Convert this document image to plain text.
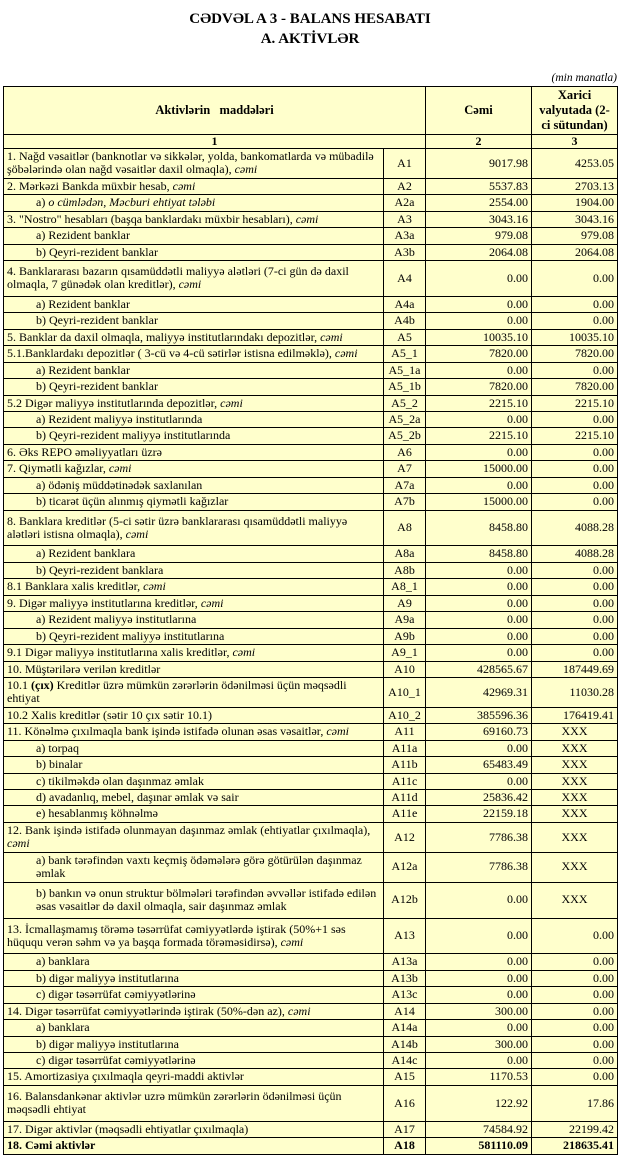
CƏDVƏL A 3 - BALANS HESABATI
A. AKTİVLƏR
(min manatla)
Aktivlərin   maddələri		Cəmi	Xarici valyutada (2-ci sütundan)
1		2	3
1. Nağd vəsaitlər (banknotlar və sikkələr, yolda, bankomatlarda və mübadilə şöbələrində olan nağd vəsaitlər daxil olmaqla), cəmi	A1	9017.98	4253.05
2. Mərkəzi Bankda müxbir hesab, cəmi	A2	5537.83	2703.13
a) o cümlədən, Məcburi ehtiyat tələbi	A2a	2554.00	1904.00
3. "Nostro" hesabları (başqa banklardakı müxbir hesabları), cəmi	A3	3043.16	3043.16
a) Rezident banklar	A3a	979.08	979.08
b) Qeyri-rezident banklar	A3b	2064.08	2064.08
4. Banklararası bazarın qısamüddətli maliyyə alətləri (7-ci gün də daxil olmaqla, 7 günədək olan kreditlər), cəmi	A4	0.00	0.00
a) Rezident banklar	A4a	0.00	0.00
b) Qeyri-rezident banklar	A4b	0.00	0.00
5. Banklar da daxil olmaqla, maliyyə institutlarındakı depozitlər, cəmi	A5	10035.10	10035.10
5.1.Banklardakı depozitlər ( 3-cü və 4-cü sətirlər istisna edilməklə), cəmi	A5_1	7820.00	7820.00
a) Rezident banklar	A5_1a	0.00	0.00
b) Qeyri-rezident banklar	A5_1b	7820.00	7820.00
5.2 Digər maliyyə institutlarında depozitlər, cəmi	A5_2	2215.10	2215.10
a) Rezident maliyyə institutlarında	A5_2a	0.00	0.00
b) Qeyri-rezident maliyyə institutlarında	A5_2b	2215.10	2215.10
6. Əks REPO əməliyyatları üzrə	A6	0.00	0.00
7. Qiymətli kağızlar, cəmi	A7	15000.00	0.00
a) ödəniş müddətinədək saxlanılan	A7a	0.00	0.00
b) ticarət üçün alınmış qiymətli kağızlar	A7b	15000.00	0.00
8. Banklara kreditlər (5-ci sətir üzrə banklararası qısamüddətli maliyyə alətləri istisna olmaqla), cəmi	A8	8458.80	4088.28
a) Rezident banklara	A8a	8458.80	4088.28
b) Qeyri-rezident banklara	A8b	0.00	0.00
8.1 Banklara xalis kreditlər, cəmi	A8_1	0.00	0.00
9. Digər maliyyə institutlarına kreditlər, cəmi	A9	0.00	0.00
a) Rezident maliyyə institutlarına	A9a	0.00	0.00
b) Qeyri-rezident maliyyə institutlarına	A9b	0.00	0.00
9.1 Digər maliyyə institutlarına xalis kreditlər, cəmi	A9_1	0.00	0.00
10. Müştərilərə verilən kreditlər	A10	428565.67	187449.69
10.1 (çıx) Kreditlər üzrə mümkün zərərlərin ödənilməsi üçün məqsədli ehtiyat	A10_1	42969.31	11030.28
10.2 Xalis kreditlər (sətir 10 çıx sətir 10.1)	A10_2	385596.36	176419.41
11. Könəlmə çıxılmaqla bank işində istifadə olunan əsas vəsaitlər, cəmi	A11	69160.73	XXX
a) torpaq	A11a	0.00	XXX
b) binalar	A11b	65483.49	XXX
c) tikilməkdə olan daşınmaz əmlak	A11c	0.00	XXX
d) avadanlıq, mebel, daşınar əmlak və sair	A11d	25836.42	XXX
e) hesablanmış köhnəlmə	A11e	22159.18	XXX
12. Bank işində istifadə olunmayan daşınmaz əmlak (ehtiyatlar çıxılmaqla), cəmi	A12	7786.38	XXX
a) bank tərəfindən vaxtı keçmiş ödəmələrə görə götürülən daşınmaz əmlak	A12a	7786.38	XXX
b) bankın və onun struktur bölmələri tərəfindən əvvəllər istifadə edilən əsas vəsaitlər də daxil olmaqla, sair daşınmaz əmlak	A12b	0.00	XXX
13. İcmallaşmamış törəmə təsərrüfat cəmiyyətlərdə iştirak (50%+1 səs hüququ verən səhm və ya başqa formada törəməsidirsə), cəmi	A13	0.00	0.00
a) banklara	A13a	0.00	0.00
b) digər maliyyə institutlarına	A13b	0.00	0.00
c) digər təsərrüfat cəmiyyətlərinə	A13c	0.00	0.00
14. Digər təsərrüfat cəmiyyətlərində iştirak (50%-dən az), cəmi	A14	300.00	0.00
a) banklara	A14a	0.00	0.00
b) digər maliyyə institutlarına	A14b	300.00	0.00
c) digər təsərrüfat cəmiyyətlərinə	A14c	0.00	0.00
15. Amortizasiya çıxılmaqla qeyri-maddi aktivlər	A15	1170.53	0.00
16. Balansdankənar aktivlər uzrə mümkün zərərlərin ödənilməsi üçün məqsədli ehtiyat	A16	122.92	17.86
17. Digər aktivlər (məqsədli ehtiyatlar çıxılmaqla)	A17	74584.92	22199.42
18. Cəmi aktivlər	A18	581110.09	218635.41
